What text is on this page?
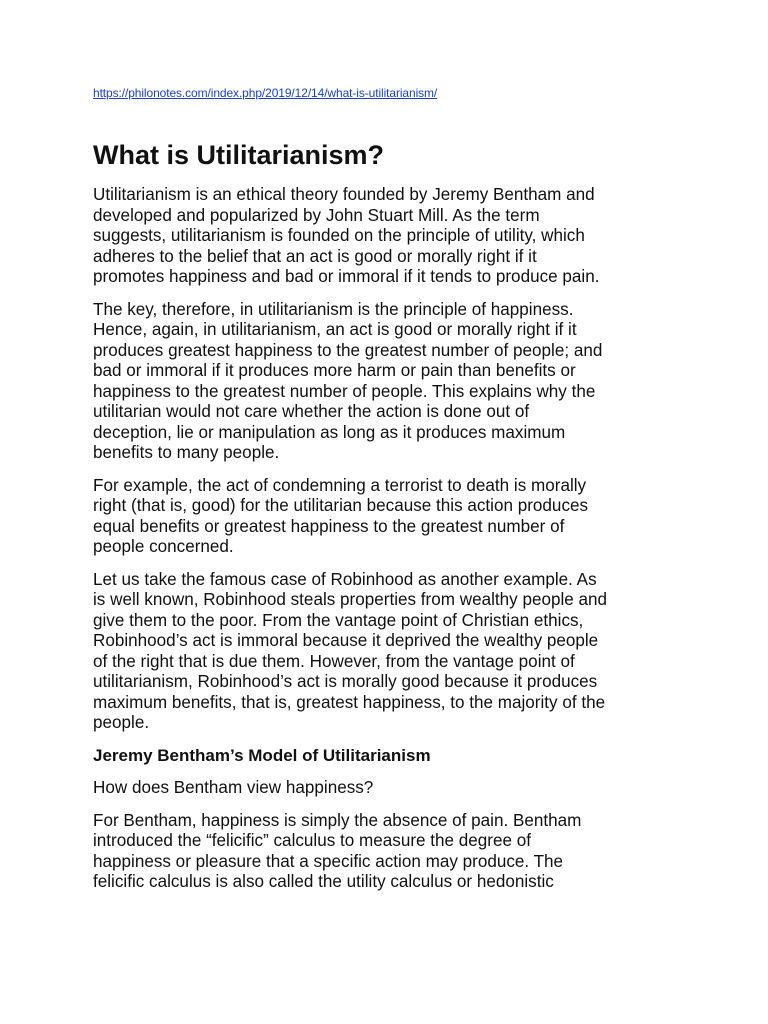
https://philonotes.com/index.php/2019/12/14/what-is-utilitarianism/
What is Utilitarianism?

Utilitarianism is an ethical theory founded by Jeremy Bentham and
developed and popularized by John Stuart Mill. As the term
suggests, utilitarianism is founded on the principle of utility, which
adheres to the belief that an act is good or morally right if it
promotes happiness and bad or immoral if it tends to produce pain.

The key, therefore, in utilitarianism is the principle of happiness.
Hence, again, in utilitarianism, an act is good or morally right if it
produces greatest happiness to the greatest number of people; and
bad or immoral if it produces more harm or pain than benefits or
happiness to the greatest number of people. This explains why the
utilitarian would not care whether the action is done out of
deception, lie or manipulation as long as it produces maximum
benefits to many people.

For example, the act of condemning a terrorist to death is morally
right (that is, good) for the utilitarian because this action produces
equal benefits or greatest happiness to the greatest number of
people concerned.

Let us take the famous case of Robinhood as another example. As
is well known, Robinhood steals properties from wealthy people and
give them to the poor. From the vantage point of Christian ethics,
Robinhood’s act is immoral because it deprived the wealthy people
of the right that is due them. However, from the vantage point of
utilitarianism, Robinhood’s act is morally good because it produces
maximum benefits, that is, greatest happiness, to the majority of the
people.

Jeremy Bentham’s Model of Utilitarianism

How does Bentham view happiness?

For Bentham, happiness is simply the absence of pain. Bentham
introduced the “felicific” calculus to measure the degree of
happiness or pleasure that a specific action may produce. The
felicific calculus is also called the utility calculus or hedonistic
